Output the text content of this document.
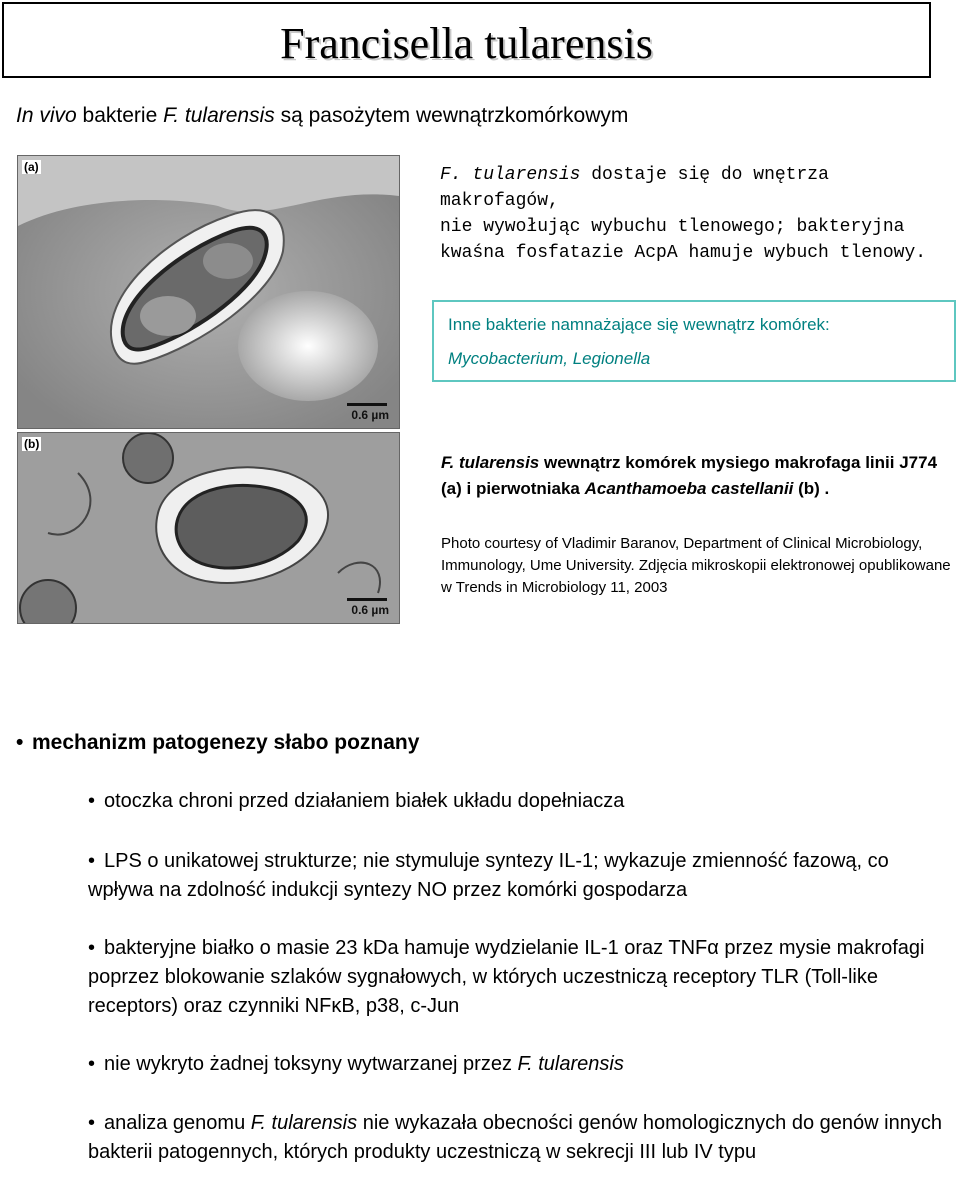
Francisella tularensis
In vivo bakterie F. tularensis są pasożytem wewnątrzkomórkowym
F. tularensis dostaje się do wnętrza makrofagów,
nie wywołując wybuchu tlenowego; bakteryjna
kwaśna fosfatazie AcpA hamuje wybuch tlenowy.
Inne bakterie namnażające się wewnątrz komórek:
Mycobacterium, Legionella
(a)
0.6 µm
(b)
0.6 µm
F. tularensis wewnątrz komórek mysiego makrofaga linii J774 (a) i pierwotniaka Acanthamoeba castellanii (b) .
Photo courtesy of Vladimir Baranov, Department of Clinical Microbiology, Immunology, Ume University. Zdjęcia mikroskopii elektronowej opublikowane w Trends in Microbiology 11, 2003
• mechanizm patogenezy słabo poznany
• otoczka chroni przed działaniem białek układu dopełniacza
• LPS o unikatowej strukturze; nie stymuluje syntezy IL-1; wykazuje zmienność fazową, co wpływa na zdolność indukcji syntezy NO przez komórki gospodarza
• bakteryjne białko o masie 23 kDa hamuje wydzielanie IL-1 oraz TNFα przez mysie makrofagi poprzez blokowanie szlaków sygnałowych, w których uczestniczą receptory TLR (Toll-like receptors) oraz czynniki NFκB, p38, c-Jun
• nie wykryto żadnej toksyny wytwarzanej przez F. tularensis
• analiza genomu F. tularensis nie wykazała obecności genów homologicznych do genów innych bakterii patogennych, których produkty uczestniczą w sekrecji III lub IV typu
